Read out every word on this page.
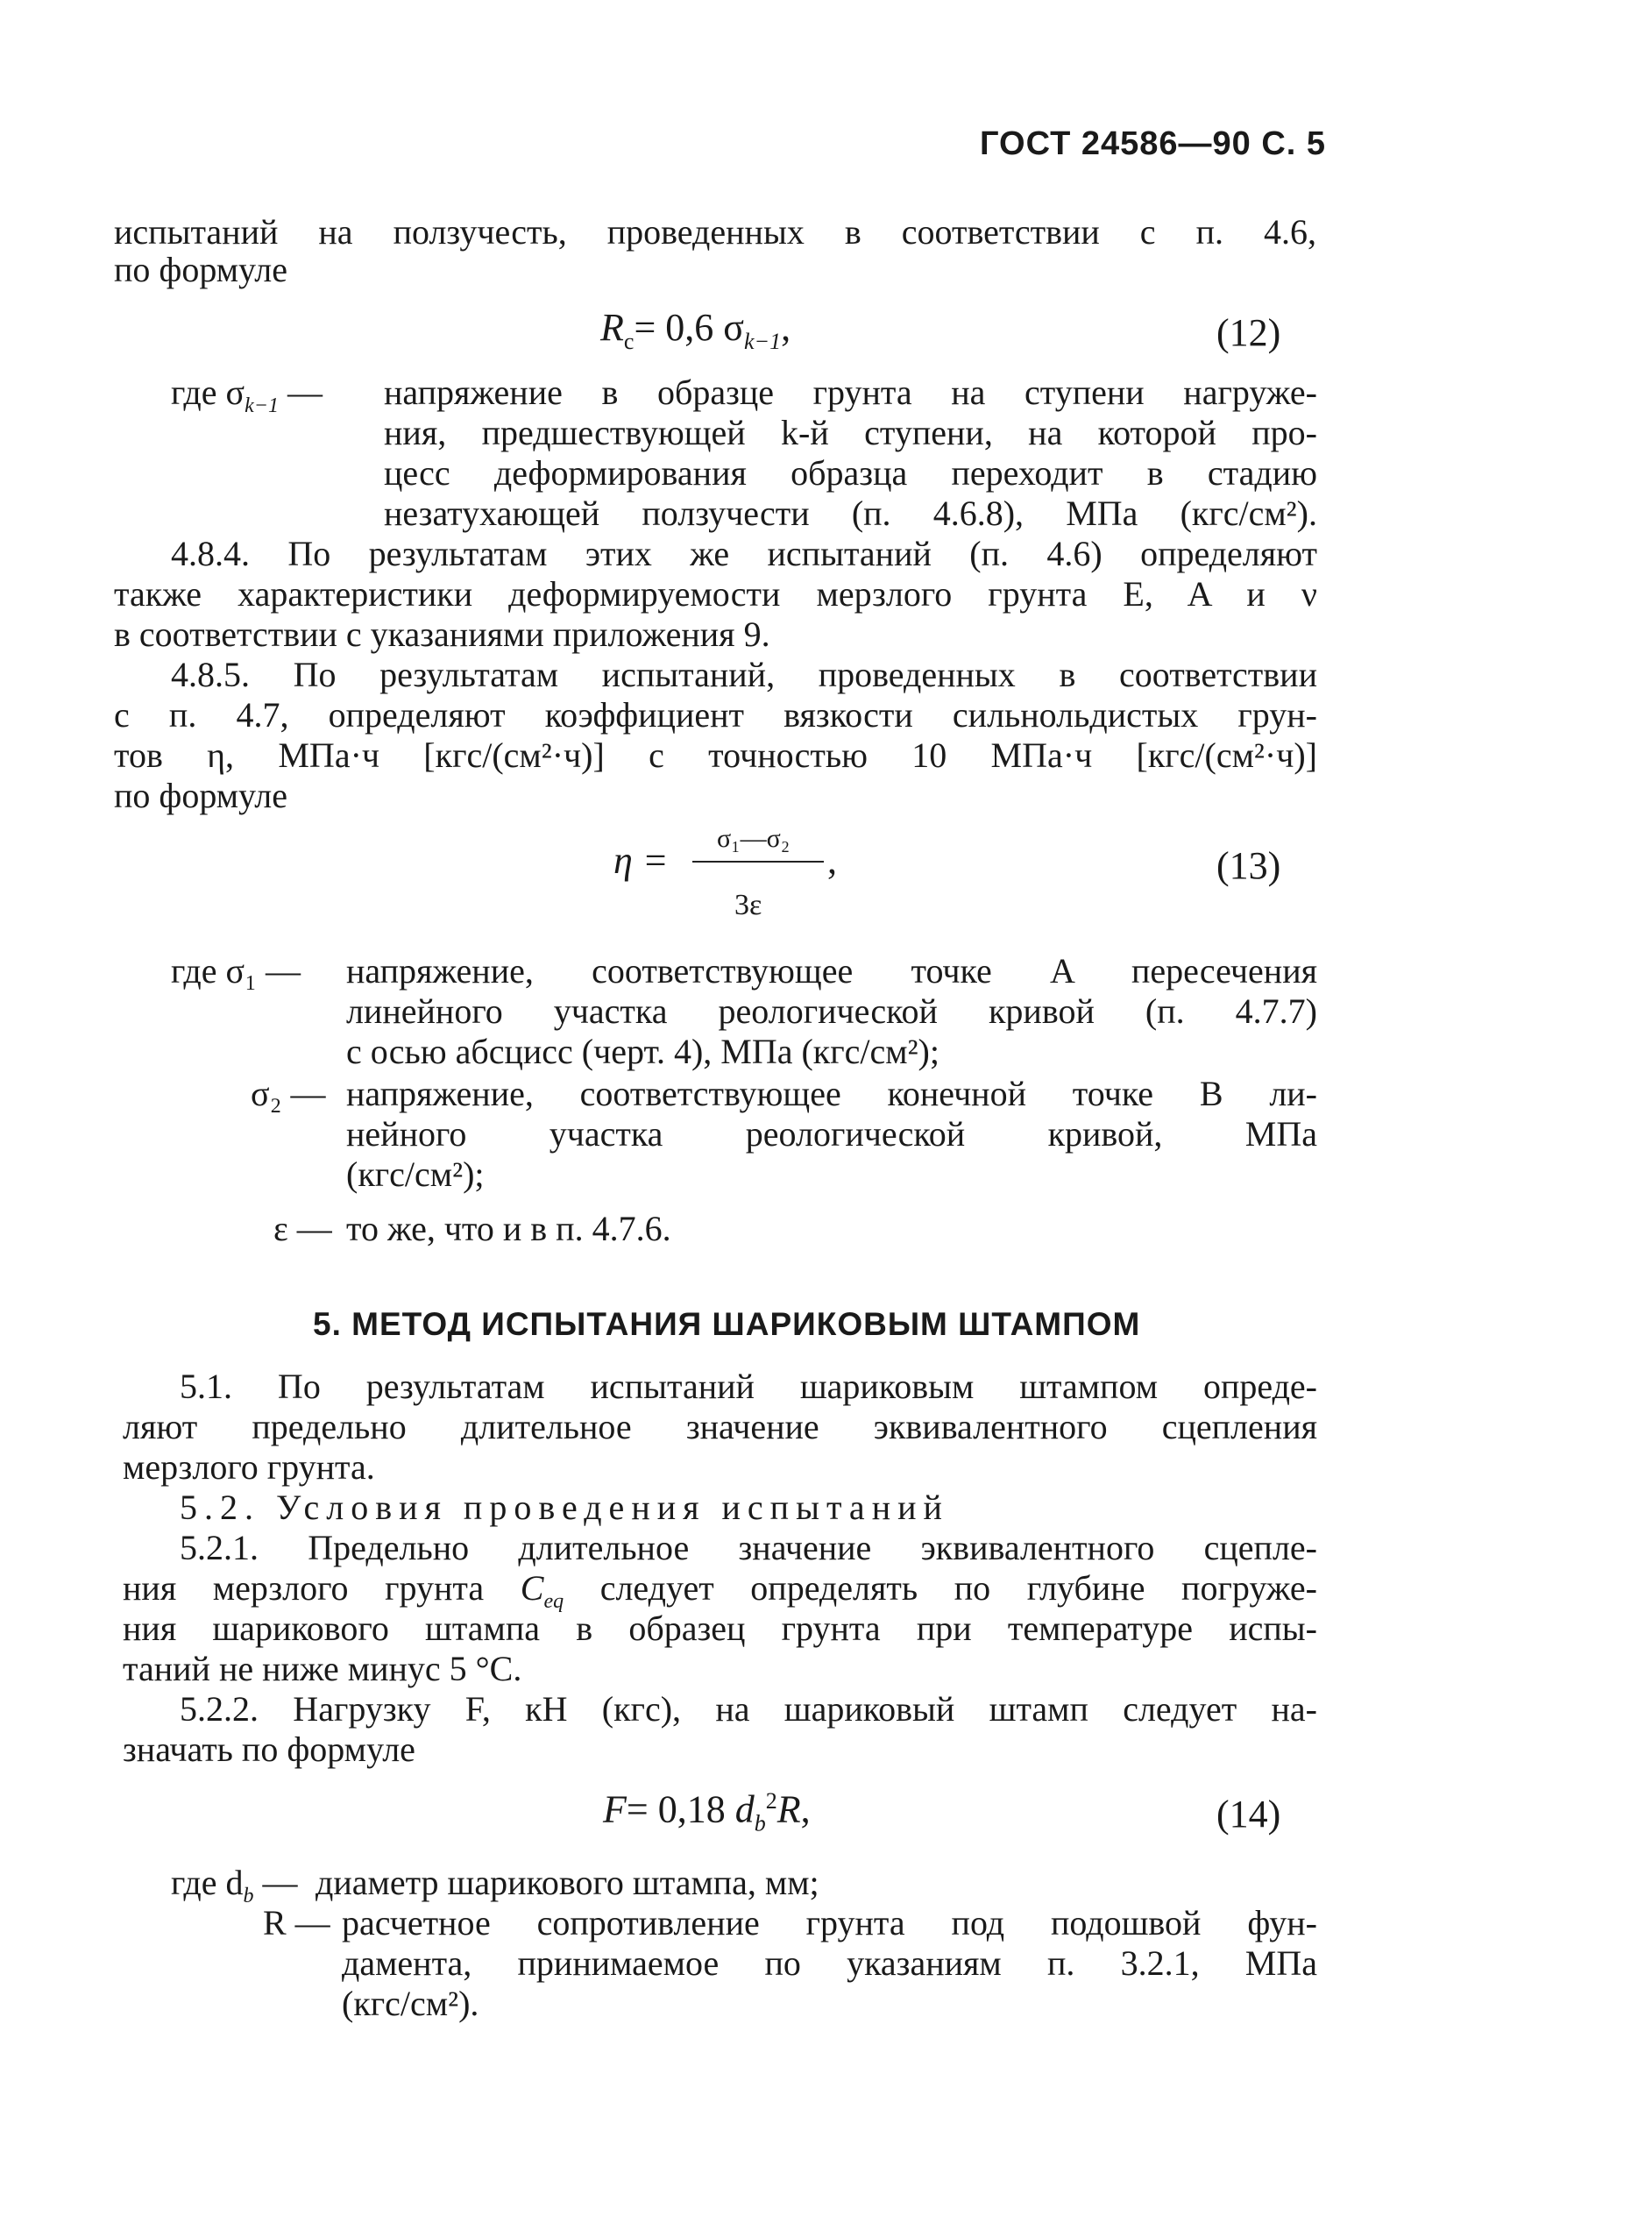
ГОСТ 24586—90 С. 5
испытаний на ползучесть, проведенных в соответствии с п. 4.6,
по формуле
$R_c= 0,6$ $\sigma_{k-1}$,	(12)
где $\sigma_{k-1}$ — напряжение в образце грунта на ступени нагруже-
ния, предшествующей k-й ступени, на которой про-
цесс деформирования образца переходит в стадию
незатухающей ползучести (п. 4.6.8), МПа (кгс/см²).
4.8.4. По результатам этих же испытаний (п. 4.6) определяют
также характеристики деформируемости мерзлого грунта E, A и ν
в соответствии с указаниями приложения 9.
4.8.5. По результатам испытаний, проведенных в соответствии
с п. 4.7, определяют коэффициент вязкости сильнольдистых грун-
тов η, МПа·ч [кгс/(см²·ч)] с точностью 10 МПа·ч [кгс/(см²·ч)]
по формуле
η =
σ₁—σ₂
3ε
,	(13)
где σ₁ — напряжение, соответствующее точке A пересечения
линейного участка реологической кривой (п. 4.7.7)
с осью абсцисс (черт. 4), МПа (кгс/см²);
σ₂ — напряжение, соответствующее конечной точке B ли-
нейного участка реологической кривой, МПа
(кгс/см²);
ε — то же, что и в п. 4.7.6.
5. МЕТОД ИСПЫТАНИЯ ШАРИКОВЫМ ШТАМПОМ
5.1. По результатам испытаний шариковым штампом опреде-
ляют предельно длительное значение эквивалентного сцепления
мерзлого грунта.
5.2. Условия проведения испытаний
5.2.1. Предельно длительное значение эквивалентного сцепле-
ния мерзлого грунта $C_{eq}$ следует определять по глубине погруже-
ния шарикового штампа в образец грунта при температуре испы-
таний не ниже минус 5 °С.
5.2.2. Нагрузку F, кН (кгс), на шариковый штамп следует на-
значать по формуле
F= 0,18 $d_b^2R$,	(14)
где $d_b$ — диаметр шарикового штампа, мм;
R — расчетное сопротивление грунта под подошвой фун-
дамента, принимаемое по указаниям п. 3.2.1, МПа
(кгс/см²).
